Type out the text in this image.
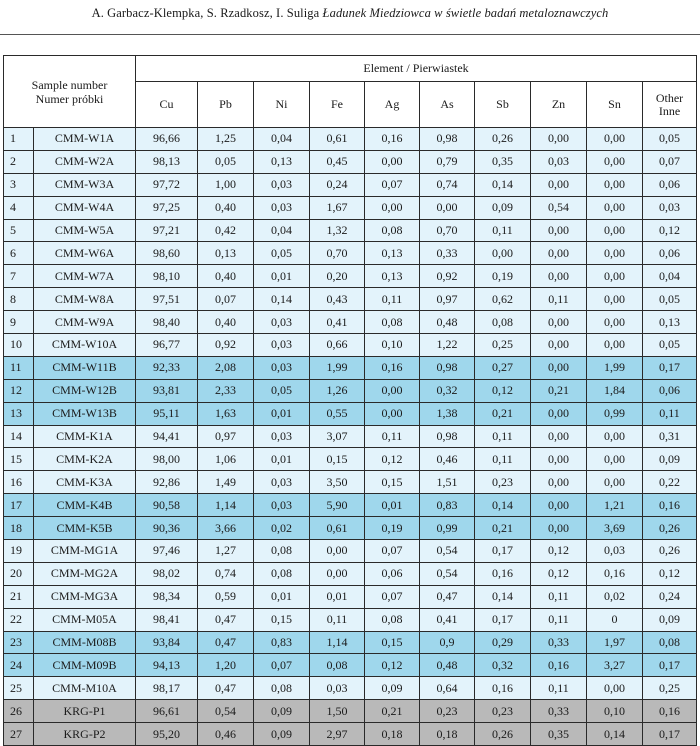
A. Garbacz-Klempka, S. Rzadkosz, I. Suliga Ładunek Miedziowca w świetle badań metaloznawczych
Sample number
Numer próbki		Element / Pierwiastek									
		Cu	Pb	Ni	Fe	Ag	As	Sb	Zn	Sn	Other
Inne

1	CMM-W1A	96,66	1,25	0,04	0,61	0,16	0,98	0,26	0,00	0,00	0,05
2	CMM-W2A	98,13	0,05	0,13	0,45	0,00	0,79	0,35	0,03	0,00	0,07
3	CMM-W3A	97,72	1,00	0,03	0,24	0,07	0,74	0,14	0,00	0,00	0,06
4	CMM-W4A	97,25	0,40	0,03	1,67	0,00	0,00	0,09	0,54	0,00	0,03
5	CMM-W5A	97,21	0,42	0,04	1,32	0,08	0,70	0,11	0,00	0,00	0,12
6	CMM-W6A	98,60	0,13	0,05	0,70	0,13	0,33	0,00	0,00	0,00	0,06
7	CMM-W7A	98,10	0,40	0,01	0,20	0,13	0,92	0,19	0,00	0,00	0,04
8	CMM-W8A	97,51	0,07	0,14	0,43	0,11	0,97	0,62	0,11	0,00	0,05
9	CMM-W9A	98,40	0,40	0,03	0,41	0,08	0,48	0,08	0,00	0,00	0,13
10	CMM-W10A	96,77	0,92	0,03	0,66	0,10	1,22	0,25	0,00	0,00	0,05
11	CMM-W11B	92,33	2,08	0,03	1,99	0,16	0,98	0,27	0,00	1,99	0,17
12	CMM-W12B	93,81	2,33	0,05	1,26	0,00	0,32	0,12	0,21	1,84	0,06
13	CMM-W13B	95,11	1,63	0,01	0,55	0,00	1,38	0,21	0,00	0,99	0,11
14	CMM-K1A	94,41	0,97	0,03	3,07	0,11	0,98	0,11	0,00	0,00	0,31
15	CMM-K2A	98,00	1,06	0,01	0,15	0,12	0,46	0,11	0,00	0,00	0,09
16	CMM-K3A	92,86	1,49	0,03	3,50	0,15	1,51	0,23	0,00	0,00	0,22
17	CMM-K4B	90,58	1,14	0,03	5,90	0,01	0,83	0,14	0,00	1,21	0,16
18	CMM-K5B	90,36	3,66	0,02	0,61	0,19	0,99	0,21	0,00	3,69	0,26
19	CMM-MG1A	97,46	1,27	0,08	0,00	0,07	0,54	0,17	0,12	0,03	0,26
20	CMM-MG2A	98,02	0,74	0,08	0,00	0,06	0,54	0,16	0,12	0,16	0,12
21	CMM-MG3A	98,34	0,59	0,01	0,01	0,07	0,47	0,14	0,11	0,02	0,24
22	CMM-M05A	98,41	0,47	0,15	0,11	0,08	0,41	0,17	0,11	0	0,09
23	CMM-M08B	93,84	0,47	0,83	1,14	0,15	0,9	0,29	0,33	1,97	0,08
24	CMM-M09B	94,13	1,20	0,07	0,08	0,12	0,48	0,32	0,16	3,27	0,17
25	CMM-M10A	98,17	0,47	0,08	0,03	0,09	0,64	0,16	0,11	0,00	0,25
26	KRG-P1	96,61	0,54	0,09	1,50	0,21	0,23	0,23	0,33	0,10	0,16
27	KRG-P2	95,20	0,46	0,09	2,97	0,18	0,18	0,26	0,35	0,14	0,17
